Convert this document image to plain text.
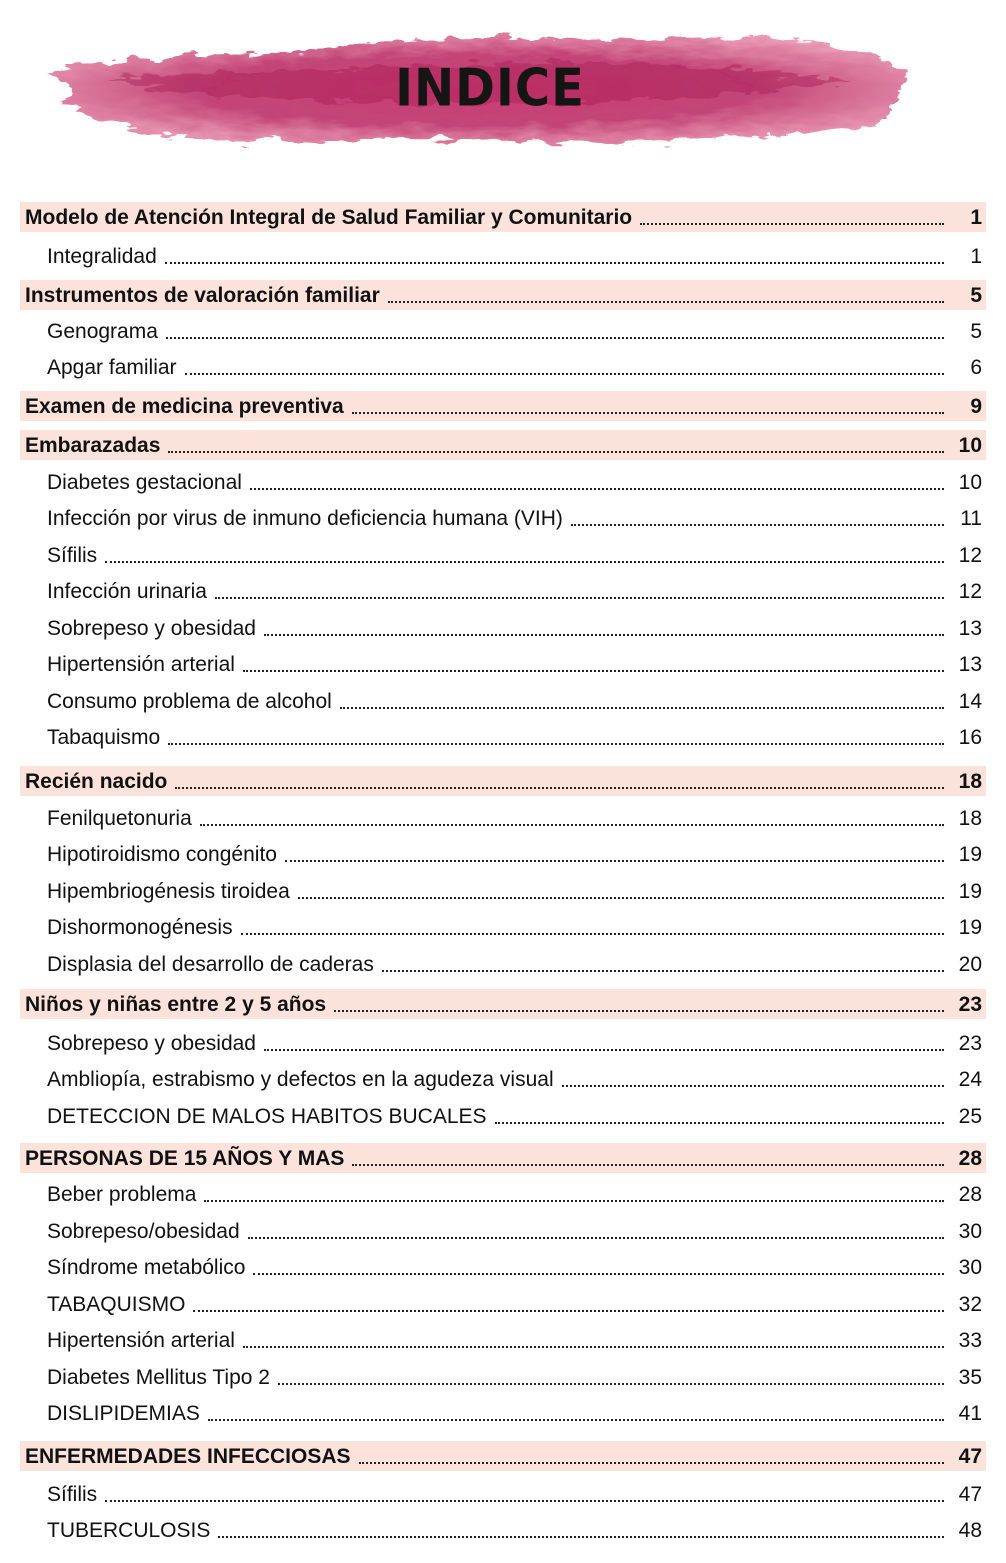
INDICE
Modelo de Atención Integral de Salud Familiar y Comunitario	1
Integralidad	1
Instrumentos de valoración familiar	5
Genograma	5
Apgar familiar	6
Examen de medicina preventiva	9
Embarazadas	10
Diabetes gestacional	10
Infección por virus de inmuno deficiencia humana (VIH)	11
Sífilis	12
Infección urinaria	12
Sobrepeso y obesidad	13
Hipertensión arterial	13
Consumo problema de alcohol	14
Tabaquismo	16
Recién nacido	18
Fenilquetonuria	18
Hipotiroidismo congénito	19
Hipembriogénesis tiroidea	19
Dishormonogénesis	19
Displasia del desarrollo de caderas	20
Niños y niñas entre 2 y 5 años	23
Sobrepeso y obesidad	23
Ambliopía, estrabismo y defectos en la agudeza visual	24
DETECCION DE MALOS HABITOS BUCALES	25
PERSONAS DE 15 AÑOS Y MAS	28
Beber problema	28
Sobrepeso/obesidad	30
Síndrome metabólico	30
TABAQUISMO	32
Hipertensión arterial	33
Diabetes Mellitus Tipo 2	35
DISLIPIDEMIAS	41
ENFERMEDADES INFECCIOSAS	47
Sífilis	47
TUBERCULOSIS	48
